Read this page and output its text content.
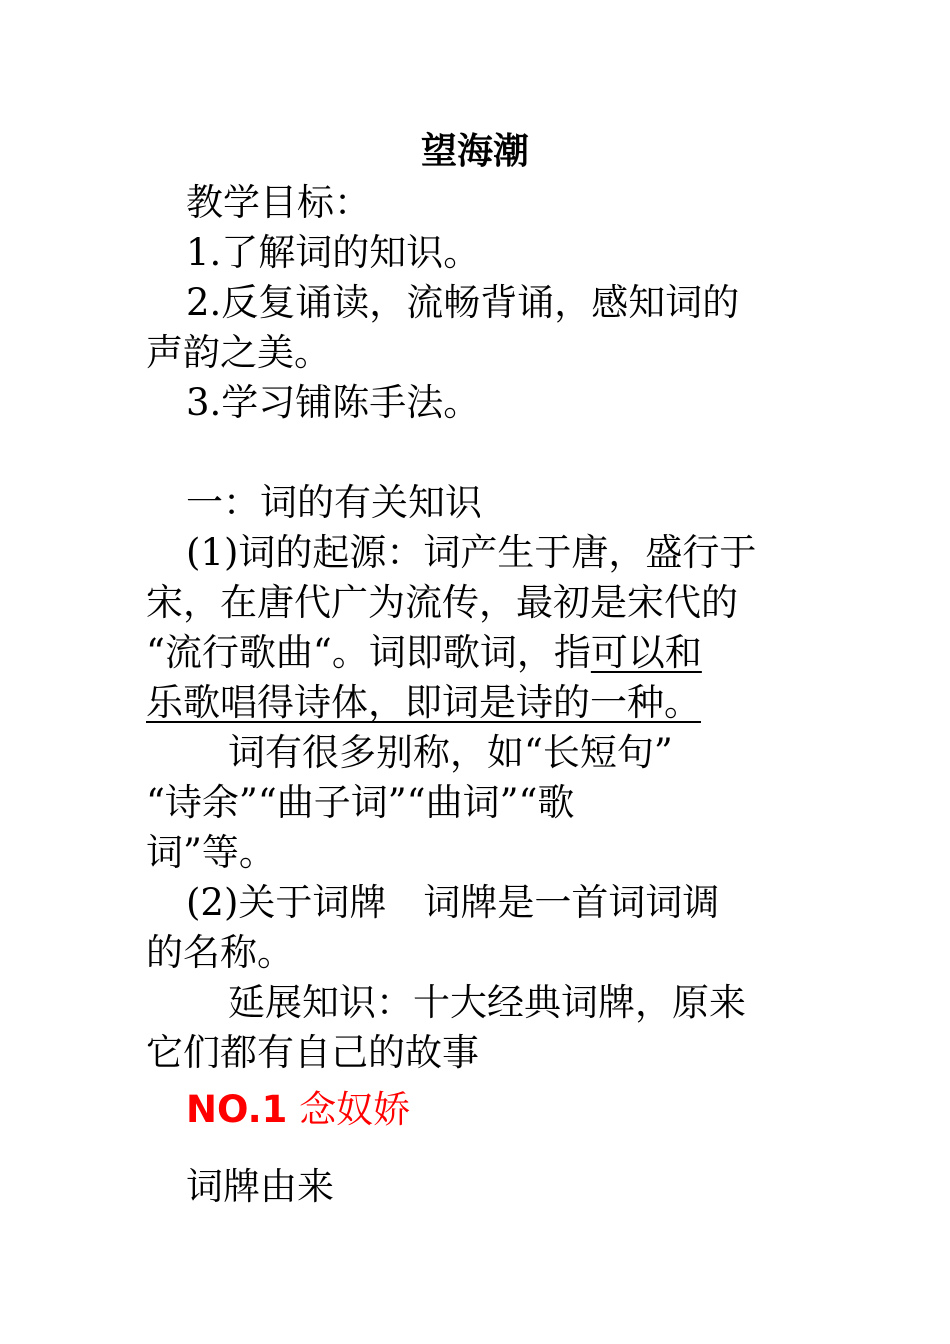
望海潮
教学目标：
1.了解词的知识。
2.反复诵读，流畅背诵，感知词的
声韵之美。
3.学习铺陈手法。
一：词的有关知识
(1)词的起源：词产生于唐，盛行于
宋，在唐代广为流传，最初是宋代的
“流行歌曲“。词即歌词，指可以和
乐歌唱得诗体，即词是诗的一种。
词有很多别称，如“长短句”
“诗余”“曲子词”“曲词”“歌
词”等。
(2)关于词牌　词牌是一首词词调
的名称。
延展知识：十大经典词牌，原来
它们都有自己的故事
NO.1 念奴娇
词牌由来
